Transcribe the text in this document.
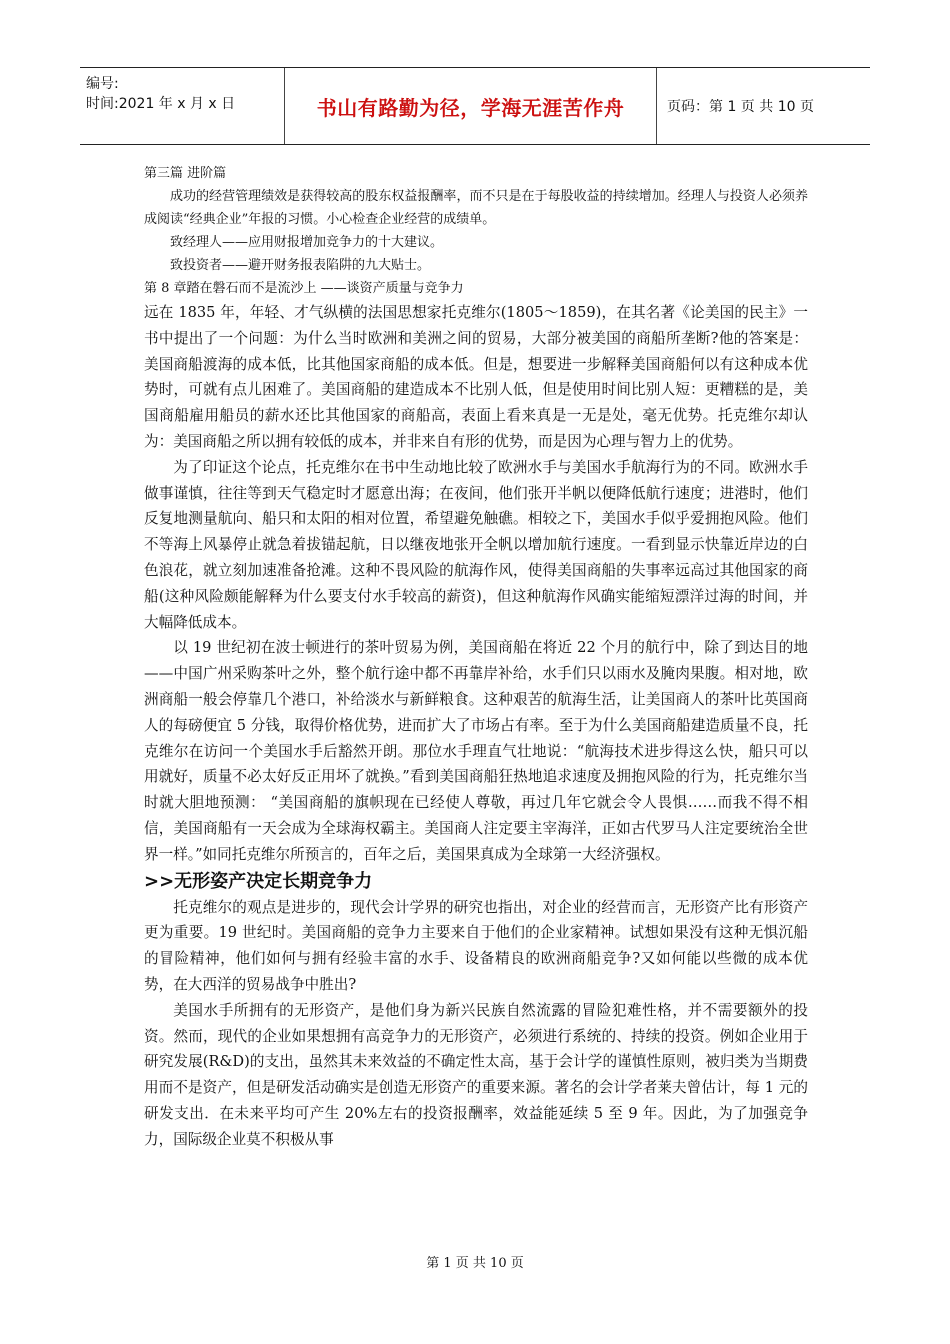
编号:
时间:2021 年 x 月 x 日	书山有路勤为径，学海无涯苦作舟	页码：第 1 页 共 10 页

第三篇 进阶篇

成功的经营管理绩效是获得较高的股东权益报酬率，而不只是在于每股收益的持续增加。经理人与投资人必须养成阅读“经典企业”年报的习惯。小心检查企业经营的成绩单。

致经理人——应用财报增加竞争力的十大建议。

致投资者——避开财务报表陷阱的九大贴士。

第 8 章踏在磐石而不是流沙上 ——谈资产质量与竞争力

远在 1835 年，年轻、才气纵横的法国思想家托克维尔(1805～1859)，在其名著《论美国的民主》一书中提出了一个问题：为什么当时欧洲和美洲之间的贸易，大部分被美国的商船所垄断?他的答案是：美国商船渡海的成本低，比其他国家商船的成本低。但是，想要进一步解释美国商船何以有这种成本优势时，可就有点儿困难了。美国商船的建造成本不比别人低，但是使用时间比别人短：更糟糕的是，美国商船雇用船员的薪水还比其他国家的商船高，表面上看来真是一无是处，毫无优势。托克维尔却认为：美国商船之所以拥有较低的成本，并非来自有形的优势，而是因为心理与智力上的优势。

为了印证这个论点，托克维尔在书中生动地比较了欧洲水手与美国水手航海行为的不同。欧洲水手做事谨慎，往往等到天气稳定时才愿意出海；在夜间，他们张开半帆以便降低航行速度；进港时，他们反复地测量航向、船只和太阳的相对位置，希望避免触礁。相较之下，美国水手似乎爱拥抱风险。他们不等海上风暴停止就急着拔锚起航，日以继夜地张开全帆以增加航行速度。一看到显示快靠近岸边的白色浪花，就立刻加速准备抢滩。这种不畏风险的航海作风，使得美国商船的失事率远高过其他国家的商船(这种风险颇能解释为什么要支付水手较高的薪资)，但这种航海作风确实能缩短漂洋过海的时间，并大幅降低成本。

以 19 世纪初在波士顿进行的茶叶贸易为例，美国商船在将近 22 个月的航行中，除了到达目的地——中国广州采购茶叶之外，整个航行途中都不再靠岸补给，水手们只以雨水及腌肉果腹。相对地，欧洲商船一般会停靠几个港口，补给淡水与新鲜粮食。这种艰苦的航海生活，让美国商人的茶叶比英国商人的每磅便宜 5 分钱，取得价格优势，进而扩大了市场占有率。至于为什么美国商船建造质量不良，托克维尔在访问一个美国水手后豁然开朗。那位水手理直气壮地说：“航海技术进步得这么快，船只可以用就好，质量不必太好反正用坏了就换。”看到美国商船狂热地追求速度及拥抱风险的行为，托克维尔当时就大胆地预测： “美国商船的旗帜现在已经使人尊敬，再过几年它就会令人畏惧……而我不得不相信，美国商船有一天会成为全球海权霸主。美国商人注定要主宰海洋，正如古代罗马人注定要统治全世界一样。”如同托克维尔所预言的，百年之后，美国果真成为全球第一大经济强权。

>>无形姿产决定长期竞争力

托克维尔的观点是进步的，现代会计学界的研究也指出，对企业的经营而言，无形资产比有形资产更为重要。19 世纪时。美国商船的竞争力主要来自于他们的企业家精神。试想如果没有这种无惧沉船的冒险精神，他们如何与拥有经验丰富的水手、设备精良的欧洲商船竞争?又如何能以些微的成本优势，在大西洋的贸易战争中胜出?

美国水手所拥有的无形资产，是他们身为新兴民族自然流露的冒险犯难性格，并不需要额外的投资。然而，现代的企业如果想拥有高竞争力的无形资产，必须进行系统的、持续的投资。例如企业用于研究发展(R&D)的支出，虽然其未来效益的不确定性太高，基于会计学的谨慎性原则，被归类为当期费用而不是资产，但是研发活动确实是创造无形资产的重要来源。著名的会计学者莱夫曾估计，每 1 元的研发支出．在未来平均可产生 20%左右的投资报酬率，效益能延续 5 至 9 年。因此，为了加强竞争力，国际级企业莫不积极从事

第 1 页 共 10 页
